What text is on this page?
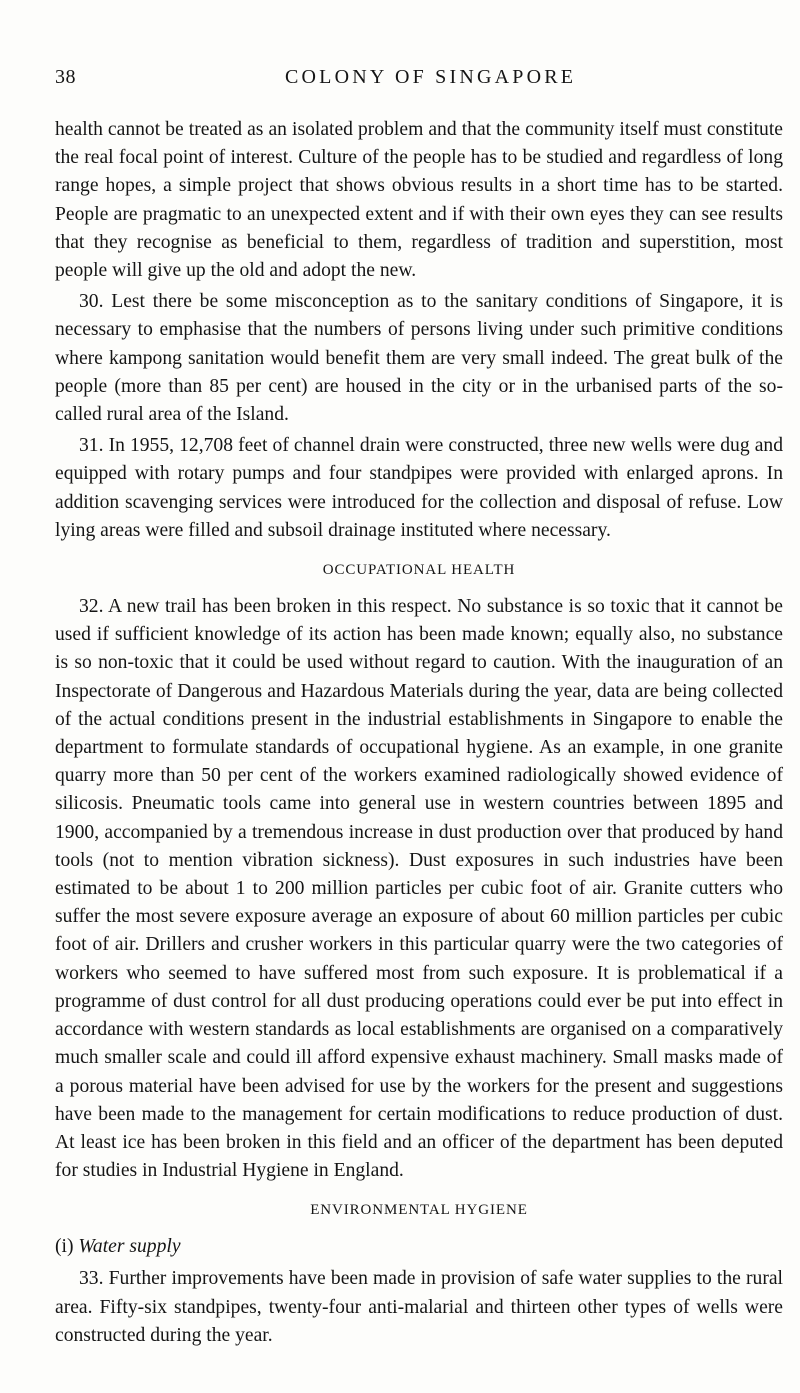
38	COLONY OF SINGAPORE

health cannot be treated as an isolated problem and that the community itself must constitute the real focal point of interest. Culture of the people has to be studied and regardless of long range hopes, a simple project that shows obvious results in a short time has to be started. People are pragmatic to an unexpected extent and if with their own eyes they can see results that they recognise as beneficial to them, regardless of tradition and superstition, most people will give up the old and adopt the new.

30. Lest there be some misconception as to the sanitary conditions of Singapore, it is necessary to emphasise that the numbers of persons living under such primitive conditions where kampong sanitation would benefit them are very small indeed. The great bulk of the people (more than 85 per cent) are housed in the city or in the urbanised parts of the so-called rural area of the Island.

31. In 1955, 12,708 feet of channel drain were constructed, three new wells were dug and equipped with rotary pumps and four standpipes were provided with enlarged aprons. In addition scavenging services were introduced for the collection and disposal of refuse. Low lying areas were filled and subsoil drainage instituted where necessary.

OCCUPATIONAL HEALTH

32. A new trail has been broken in this respect. No substance is so toxic that it cannot be used if sufficient knowledge of its action has been made known; equally also, no substance is so non-toxic that it could be used without regard to caution. With the inauguration of an Inspectorate of Dangerous and Hazardous Materials during the year, data are being collected of the actual conditions present in the industrial establishments in Singapore to enable the department to formulate standards of occupational hygiene. As an example, in one granite quarry more than 50 per cent of the workers examined radiologically showed evidence of silicosis. Pneumatic tools came into general use in western countries between 1895 and 1900, accompanied by a tremendous increase in dust production over that produced by hand tools (not to mention vibration sickness). Dust exposures in such industries have been estimated to be about 1 to 200 million particles per cubic foot of air. Granite cutters who suffer the most severe exposure average an exposure of about 60 million particles per cubic foot of air. Drillers and crusher workers in this particular quarry were the two categories of workers who seemed to have suffered most from such exposure. It is problematical if a programme of dust control for all dust producing operations could ever be put into effect in accordance with western standards as local establishments are organised on a comparatively much smaller scale and could ill afford expensive exhaust machinery. Small masks made of a porous material have been advised for use by the workers for the present and suggestions have been made to the management for certain modifications to reduce production of dust. At least ice has been broken in this field and an officer of the department has been deputed for studies in Industrial Hygiene in England.

ENVIRONMENTAL HYGIENE
(i) Water supply

33. Further improvements have been made in provision of safe water supplies to the rural area. Fifty-six standpipes, twenty-four anti-malarial and thirteen other types of wells were constructed during the year.
